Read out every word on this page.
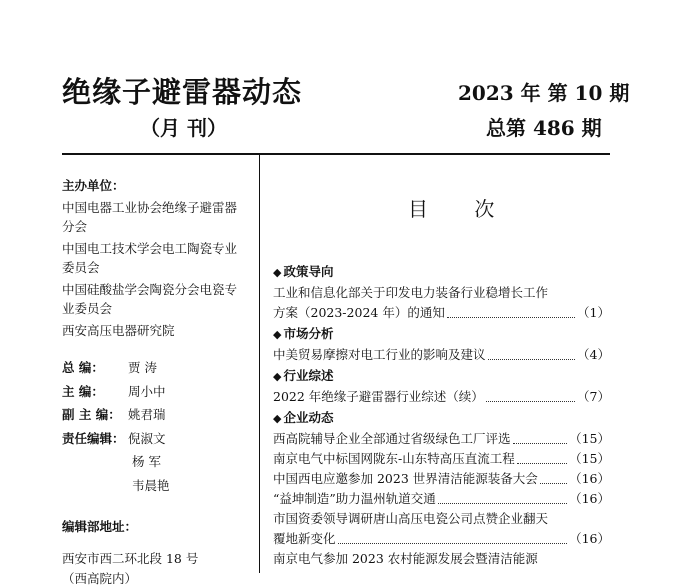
绝缘子避雷器动态
（月 刊）
2023 年 第 10 期
总第 486 期

主办单位：

中国电器工业协会绝缘子避雷器分会

中国电工技术学会电工陶瓷专业委员会

中国硅酸盐学会陶瓷分会电瓷专业委员会

西安高压电器研究院

总 编：	贾 涛
主 编：	周小中
副 主 编： 姚君瑞
责任编辑： 倪淑文
杨 军
韦晨艳

编辑部地址：

西安市西二环北段 18 号

（西高院内）

目 次
◆ 政策导向
工业和信息化部关于印发电力装备行业稳增长工作
方案（2023-2024 年）的通知	（1）
◆ 市场分析
中美贸易摩擦对电工行业的影响及建议	（4）
◆ 行业综述
2022 年绝缘子避雷器行业综述（续）	（7）
◆ 企业动态
西高院辅导企业全部通过省级绿色工厂评选	（15）
南京电气中标国网陇东-山东特高压直流工程	（15）
中国西电应邀参加 2023 世界清洁能源装备大会	（16）
“益坤制造”助力温州轨道交通	（16）
市国资委领导调研唐山高压电瓷公司点赞企业翻天
覆地新变化	（16）
南京电气参加 2023 农村能源发展会暨清洁能源
